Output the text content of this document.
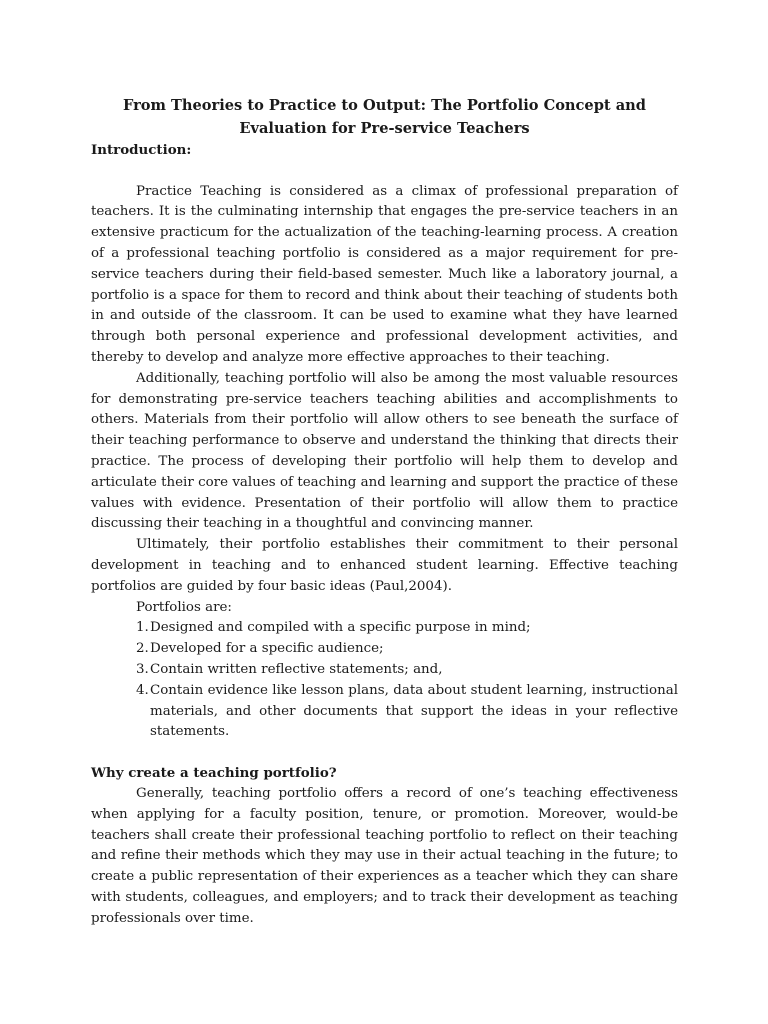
From Theories to Practice to Output: The Portfolio Concept and
Evaluation for Pre-service Teachers
Introduction:

Practice Teaching is considered as a climax of professional preparation of teachers. It is the culminating internship that engages the pre-service teachers in an extensive practicum for the actualization of the teaching-learning process. A creation of a professional teaching portfolio is considered as a major requirement for pre-service teachers during their field-based semester. Much like a laboratory journal, a portfolio is a space for them to record and think about their teaching of students both in and outside of the classroom. It can be used to examine what they have learned through both personal experience and professional development activities, and thereby to develop and analyze more effective approaches to their teaching.

Additionally, teaching portfolio will also be among the most valuable resources for demonstrating pre-service teachers teaching abilities and accomplishments to others. Materials from their portfolio will allow others to see beneath the surface of their teaching performance to observe and understand the thinking that directs their practice. The process of developing their portfolio will help them to develop and articulate their core values of teaching and learning and support the practice of these values with evidence. Presentation of their portfolio will allow them to practice discussing their teaching in a thoughtful and convincing manner.

Ultimately, their portfolio establishes their commitment to their personal development in teaching and to enhanced student learning. Effective teaching portfolios are guided by four basic ideas (Paul,2004).

Portfolios are:
1. Designed and compiled with a specific purpose in mind;
2. Developed for a specific audience;
3. Contain written reflective statements; and,
4. Contain evidence like lesson plans, data about student learning, instructional materials, and other documents that support the ideas in your reflective statements.
Why create a teaching portfolio?

Generally, teaching portfolio offers a record of one’s teaching effectiveness when applying for a faculty position, tenure, or promotion. Moreover, would-be teachers shall create their professional teaching portfolio to reflect on their teaching and refine their methods which they may use in their actual teaching in the future; to create a public representation of their experiences as a teacher which they can share with students, colleagues, and employers; and to track their development as teaching professionals over time.
